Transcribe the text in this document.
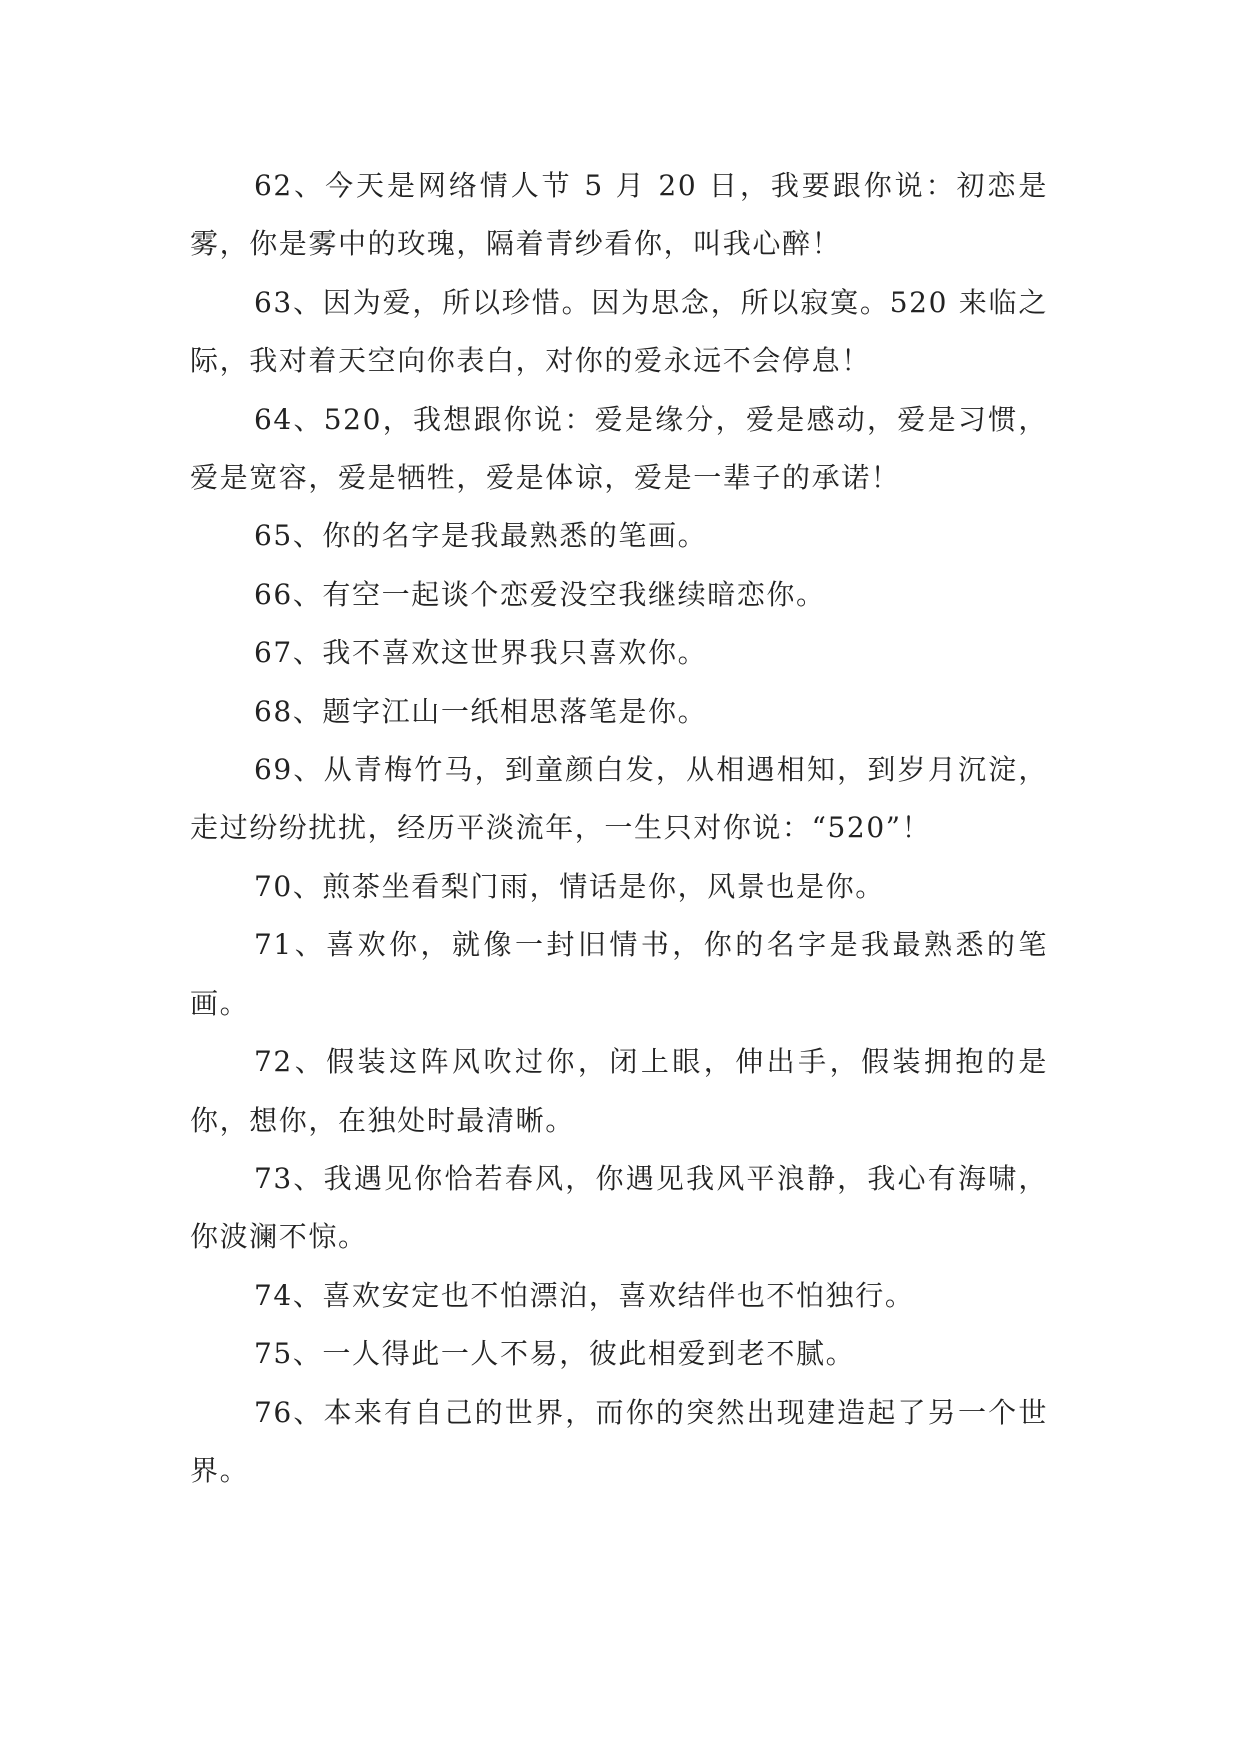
62、今天是网络情人节 5 月 20 日，我要跟你说：初恋是雾，你是雾中的玫瑰，隔着青纱看你，叫我心醉！

63、因为爱，所以珍惜。因为思念，所以寂寞。520 来临之际，我对着天空向你表白，对你的爱永远不会停息！

64、520，我想跟你说：爱是缘分，爱是感动，爱是习惯，爱是宽容，爱是牺牲，爱是体谅，爱是一辈子的承诺！

65、你的名字是我最熟悉的笔画。

66、有空一起谈个恋爱没空我继续暗恋你。

67、我不喜欢这世界我只喜欢你。

68、题字江山一纸相思落笔是你。

69、从青梅竹马，到童颜白发，从相遇相知，到岁月沉淀，走过纷纷扰扰，经历平淡流年，一生只对你说：“520”！

70、煎茶坐看梨门雨，情话是你，风景也是你。

71、喜欢你，就像一封旧情书，你的名字是我最熟悉的笔画。

72、假装这阵风吹过你，闭上眼，伸出手，假装拥抱的是你，想你，在独处时最清晰。

73、我遇见你恰若春风，你遇见我风平浪静，我心有海啸，你波澜不惊。

74、喜欢安定也不怕漂泊，喜欢结伴也不怕独行。

75、一人得此一人不易，彼此相爱到老不腻。

76、本来有自己的世界，而你的突然出现建造起了另一个世界。
